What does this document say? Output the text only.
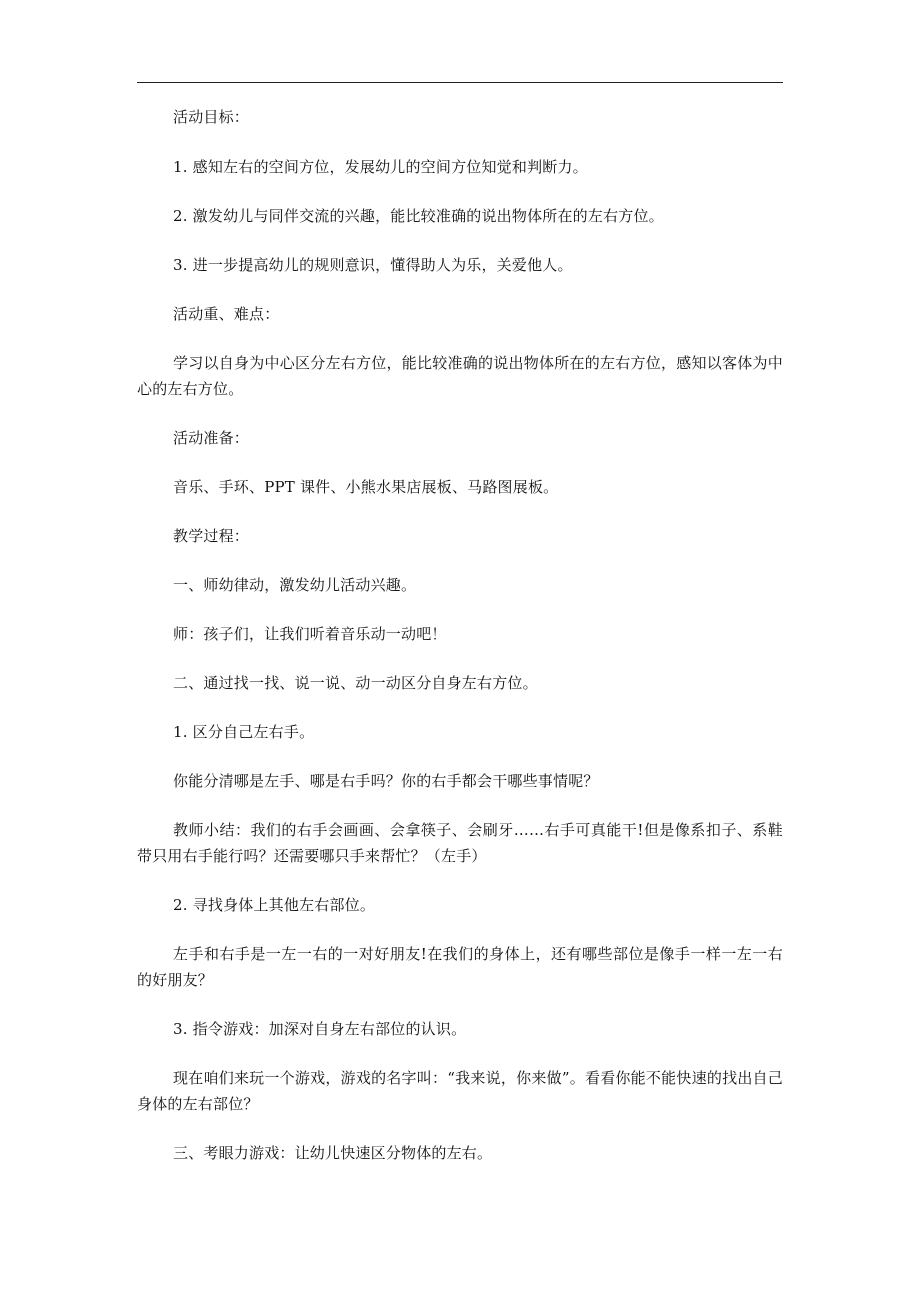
活动目标：

1. 感知左右的空间方位，发展幼儿的空间方位知觉和判断力。

2. 激发幼儿与同伴交流的兴趣，能比较准确的说出物体所在的左右方位。

3. 进一步提高幼儿的规则意识，懂得助人为乐，关爱他人。

活动重、难点：

学习以自身为中心区分左右方位，能比较准确的说出物体所在的左右方位，感知以客体为中心的左右方位。

活动准备：

音乐、手环、PPT 课件、小熊水果店展板、马路图展板。

教学过程：

一、师幼律动，激发幼儿活动兴趣。

师：孩子们，让我们听着音乐动一动吧！

二、通过找一找、说一说、动一动区分自身左右方位。

1. 区分自己左右手。

你能分清哪是左手、哪是右手吗？你的右手都会干哪些事情呢？

教师小结：我们的右手会画画、会拿筷子、会刷牙……右手可真能干!但是像系扣子、系鞋带只用右手能行吗？还需要哪只手来帮忙？（左手）

2. 寻找身体上其他左右部位。

左手和右手是一左一右的一对好朋友!在我们的身体上，还有哪些部位是像手一样一左一右的好朋友？

3. 指令游戏：加深对自身左右部位的认识。

现在咱们来玩一个游戏，游戏的名字叫：“我来说，你来做”。看看你能不能快速的找出自己身体的左右部位？

三、考眼力游戏：让幼儿快速区分物体的左右。
